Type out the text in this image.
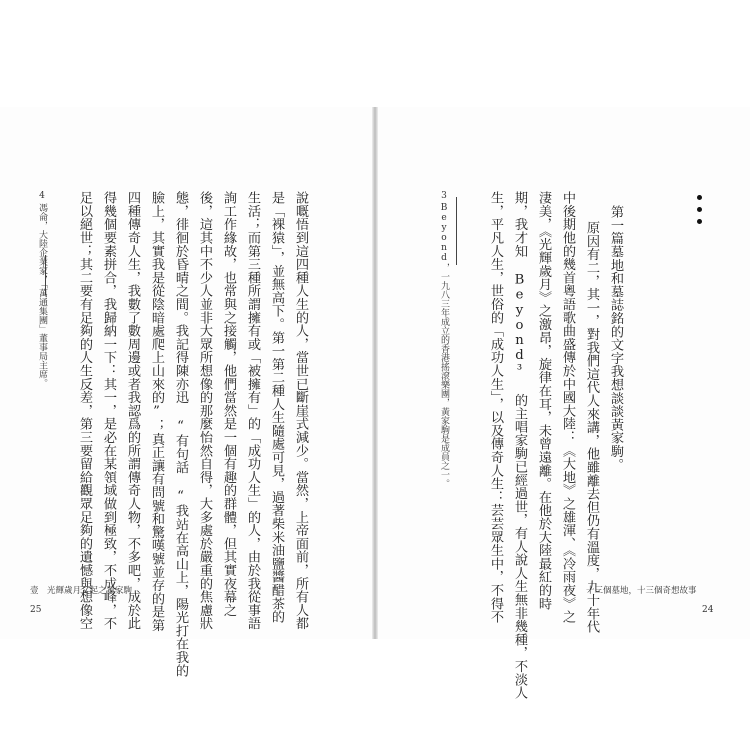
說嘅悟到這四種人生的人，當世已斷崖式減少。當然，上帝面前，所有人都
是「裸猿」，並無高下。第一第二種人生隨處可見，過著柴米油鹽醬醋茶的
生活；而第三種所謂擁有或「被擁有」的「成功人生」的人，由於我從事語
詢工作緣故，也常與之接觸，他們當然是一個有趣的群體，但其實夜幕之
後，這其中不少人並非大眾所想像的那麼怡然自得，大多處於嚴重的焦慮狀
態，徘徊於昏晴之間。我記得陳亦迅 “有句話 “我站在高山上，陽光打在我的
臉上，其實我是從陰暗處爬上山來的”；真正讓有問號和驚嘆號並存的是第
四種傳奇人生，我數了數周邊或者我認爲的所謂傳奇人物，不多吧，成於此
得幾個要素拼合，我歸納一下：其一，是必在某領域做到極致，不成峰，不
足以絕世；其二要有足夠的人生反差，第三要留給觀眾足夠的遺憾與想像空
4
馮侖，大陸企業家，「萬通集團」董事局主席。
壹　光輝歲月又起之黃家駒
25
第一篇墓地和墓誌銘的文字我想談談黃家駒。
原因有二，其一，對我們這代人來講，他雖離去但仍有溫度，九十年代
中後期他的幾首粵語歌曲盛傳於中國大陸：《大地》之雄渾、《冷雨夜》之
淒美，《光輝歲月》之激昂，旋律在耳，未曾遠離。在他於大陸最紅的時
期，我才知 Beyond³ 的主唱家駒已經過世，有人說人生無非幾種，不淡人
生，平凡人生，世俗的「成功人生」，以及傳奇人生：芸芸眾生中，不得不
3
Beyond，一九八三年成立的香港搖滾樂團，黃家駒是成員之一。
十三個墓地，十三個奇想故事
24
